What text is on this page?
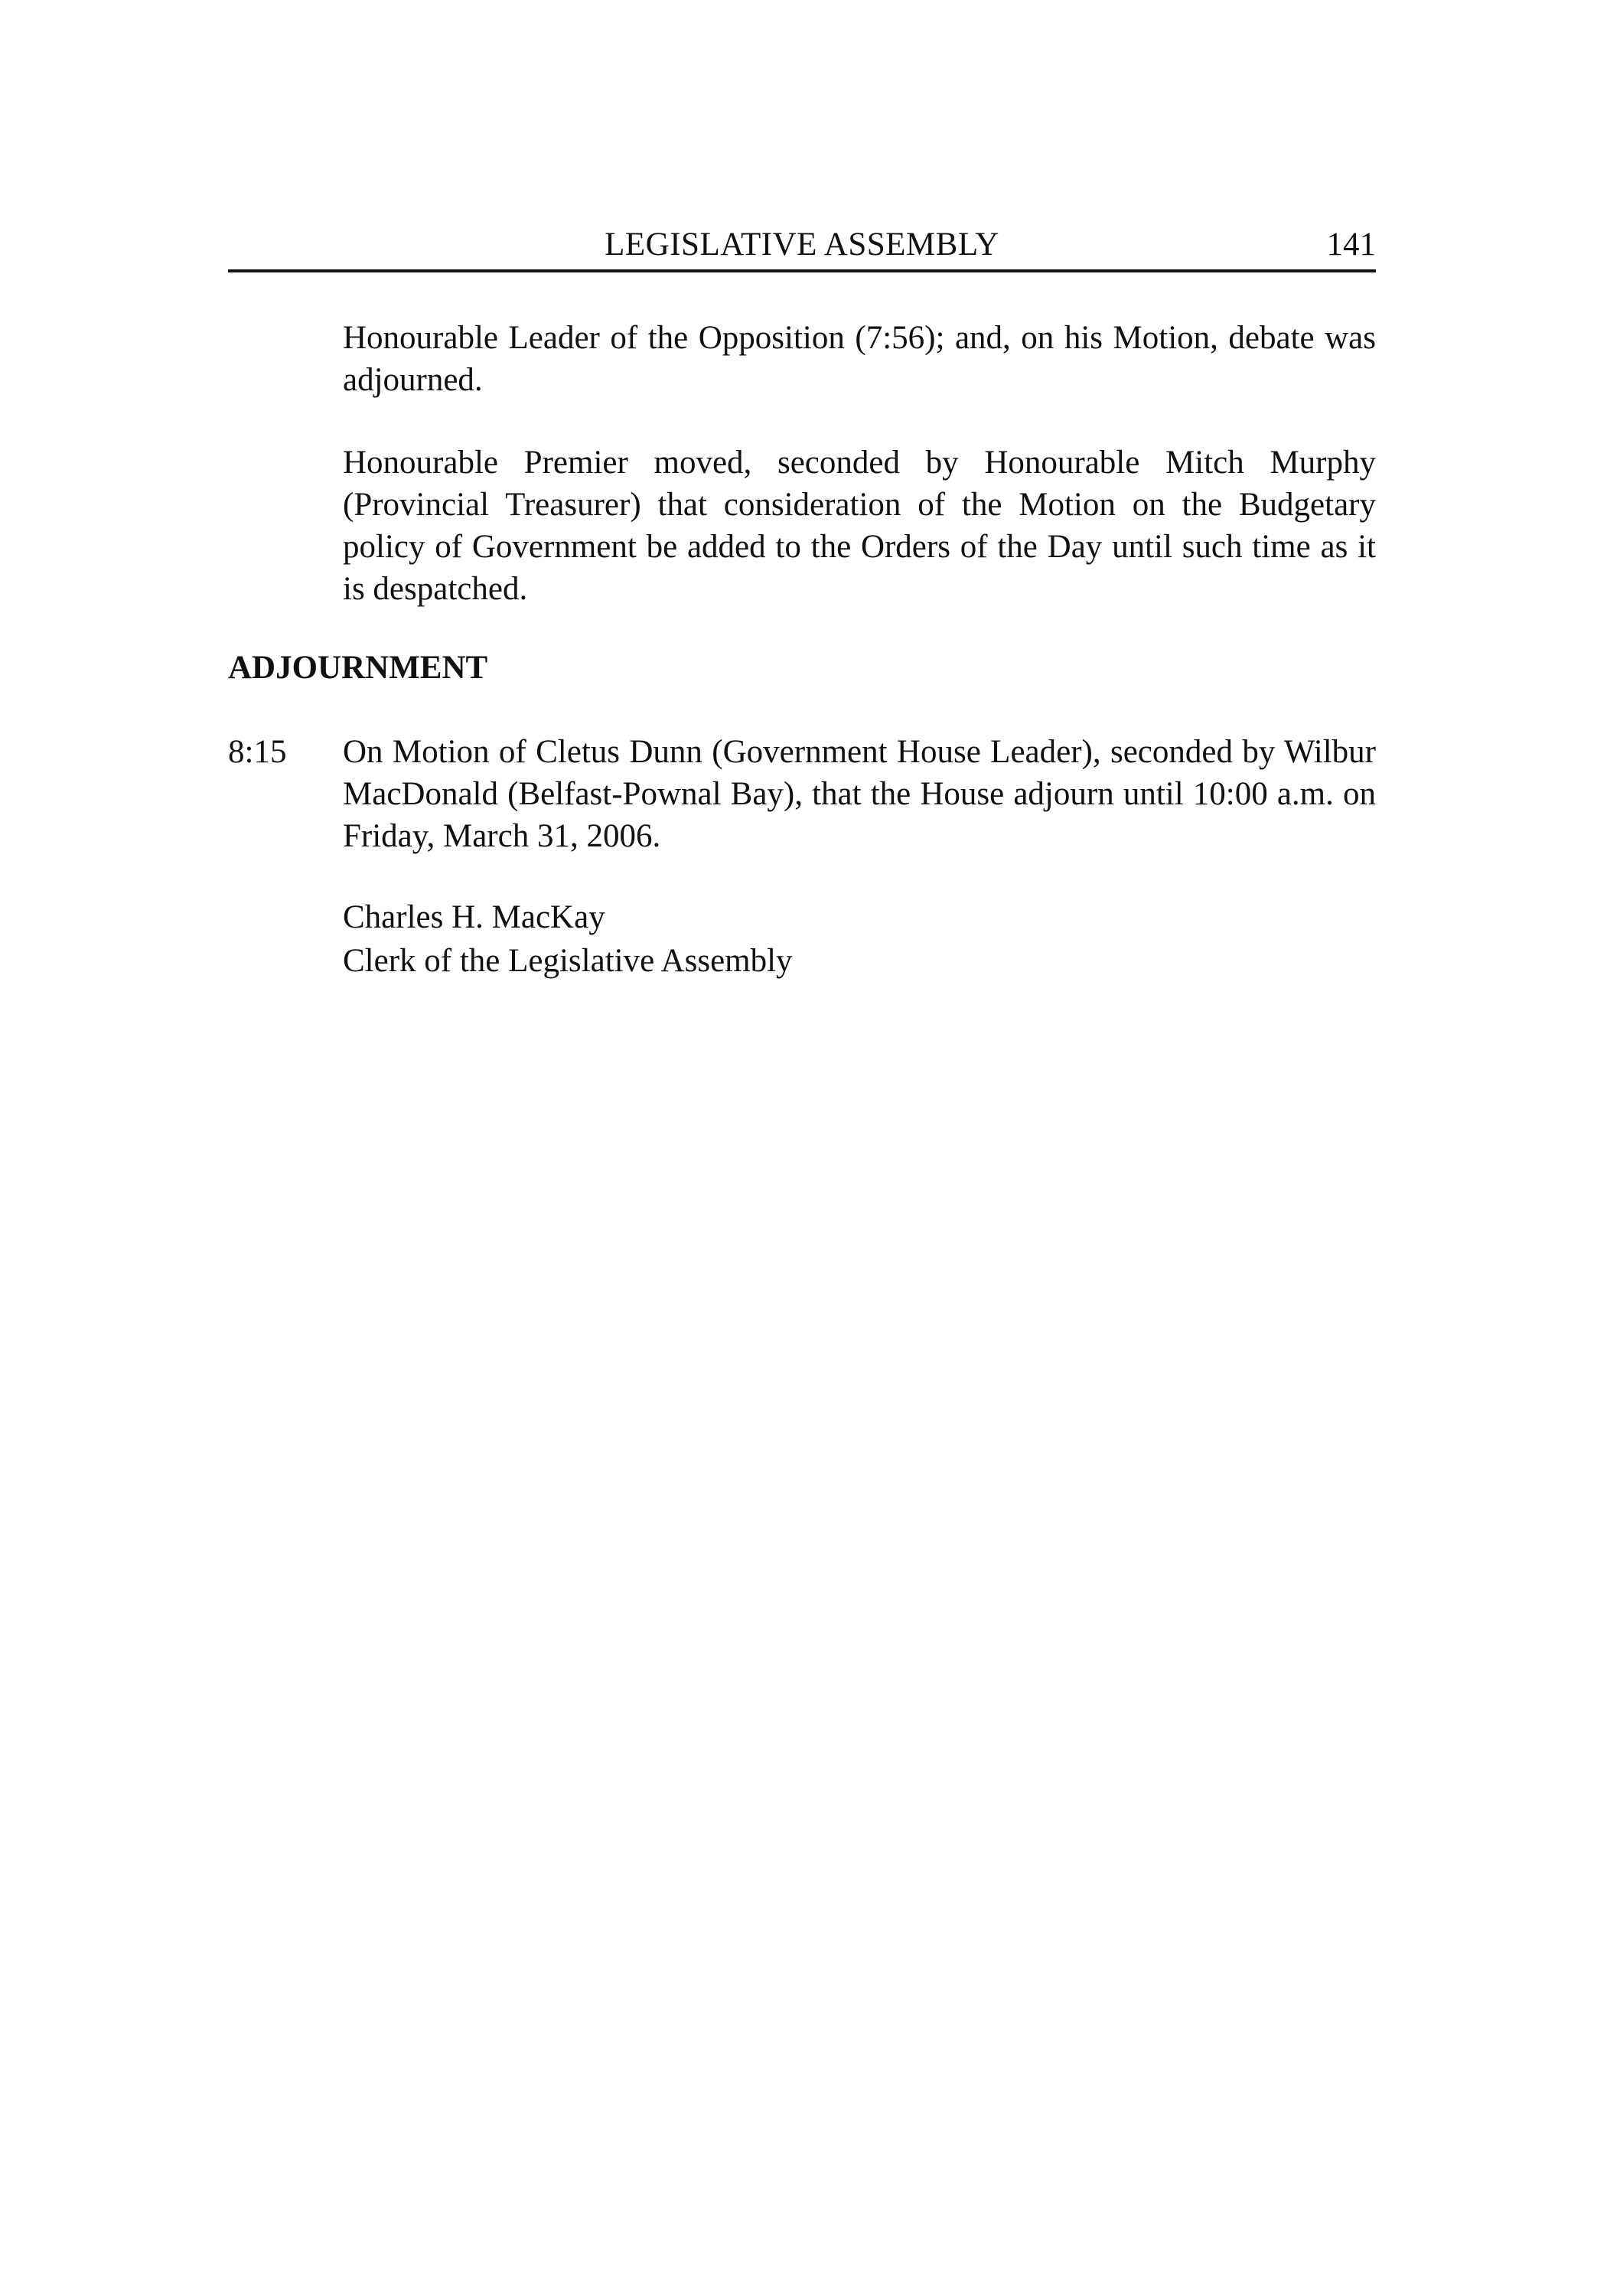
LEGISLATIVE ASSEMBLY	141

Honourable Leader of the Opposition (7:56); and, on his Motion, debate was adjourned.

Honourable Premier moved, seconded by Honourable Mitch Murphy (Provincial Treasurer) that consideration of the Motion on the Budgetary policy of Government be added to the Orders of the Day until such time as it is despatched.

ADJOURNMENT
8:15 On Motion of Cletus Dunn (Government House Leader), seconded by Wilbur MacDonald (Belfast-Pownal Bay), that the House adjourn until 10:00 a.m. on Friday, March 31, 2006.

Charles H. MacKay
Clerk of the Legislative Assembly
